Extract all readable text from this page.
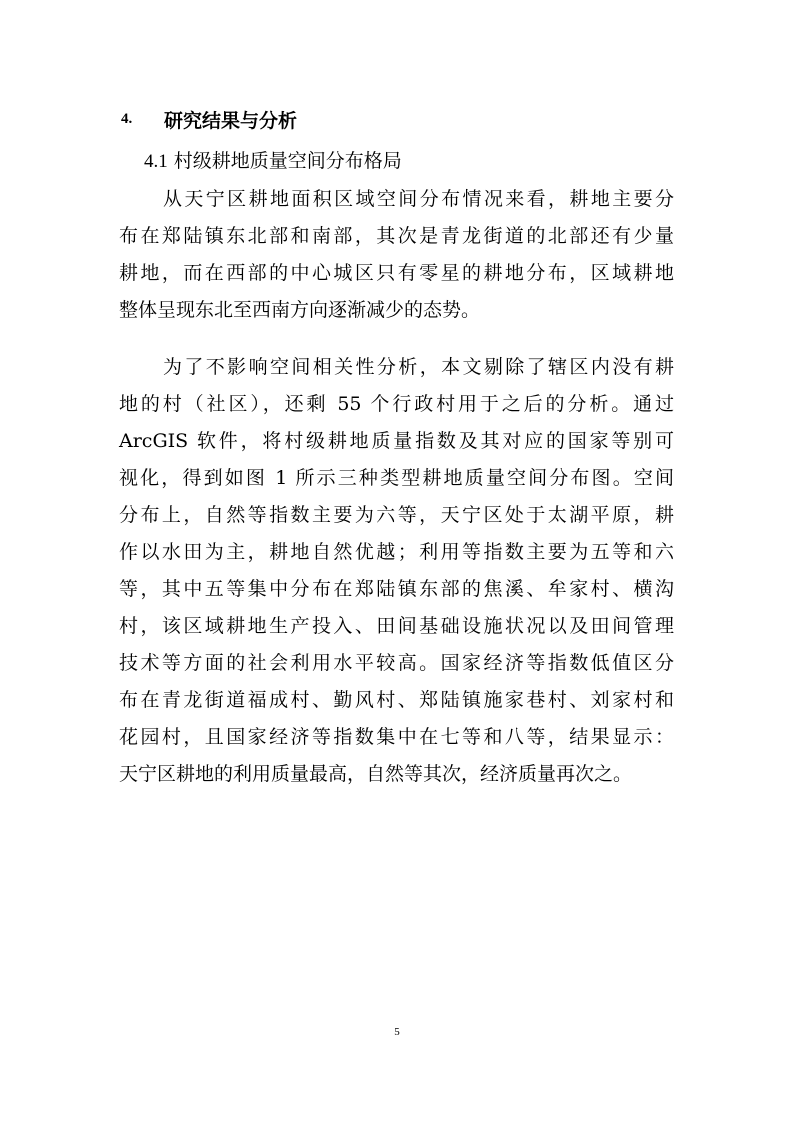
4.	研究结果与分析
4.1 村级耕地质量空间分布格局
从天宁区耕地面积区域空间分布情况来看，耕地主要分
布在郑陆镇东北部和南部，其次是青龙街道的北部还有少量
耕地，而在西部的中心城区只有零星的耕地分布，区域耕地
整体呈现东北至西南方向逐渐减少的态势。
为了不影响空间相关性分析，本文剔除了辖区内没有耕
地的村（社区），还剩 55 个行政村用于之后的分析。通过
ArcGIS 软件，将村级耕地质量指数及其对应的国家等别可
视化，得到如图 1 所示三种类型耕地质量空间分布图。空间
分布上，自然等指数主要为六等，天宁区处于太湖平原，耕
作以水田为主，耕地自然优越；利用等指数主要为五等和六
等，其中五等集中分布在郑陆镇东部的焦溪、牟家村、横沟
村，该区域耕地生产投入、田间基础设施状况以及田间管理
技术等方面的社会利用水平较高。国家经济等指数低值区分
布在青龙街道福成村、勤风村、郑陆镇施家巷村、刘家村和
花园村，且国家经济等指数集中在七等和八等，结果显示：
天宁区耕地的利用质量最高，自然等其次，经济质量再次之。
5
